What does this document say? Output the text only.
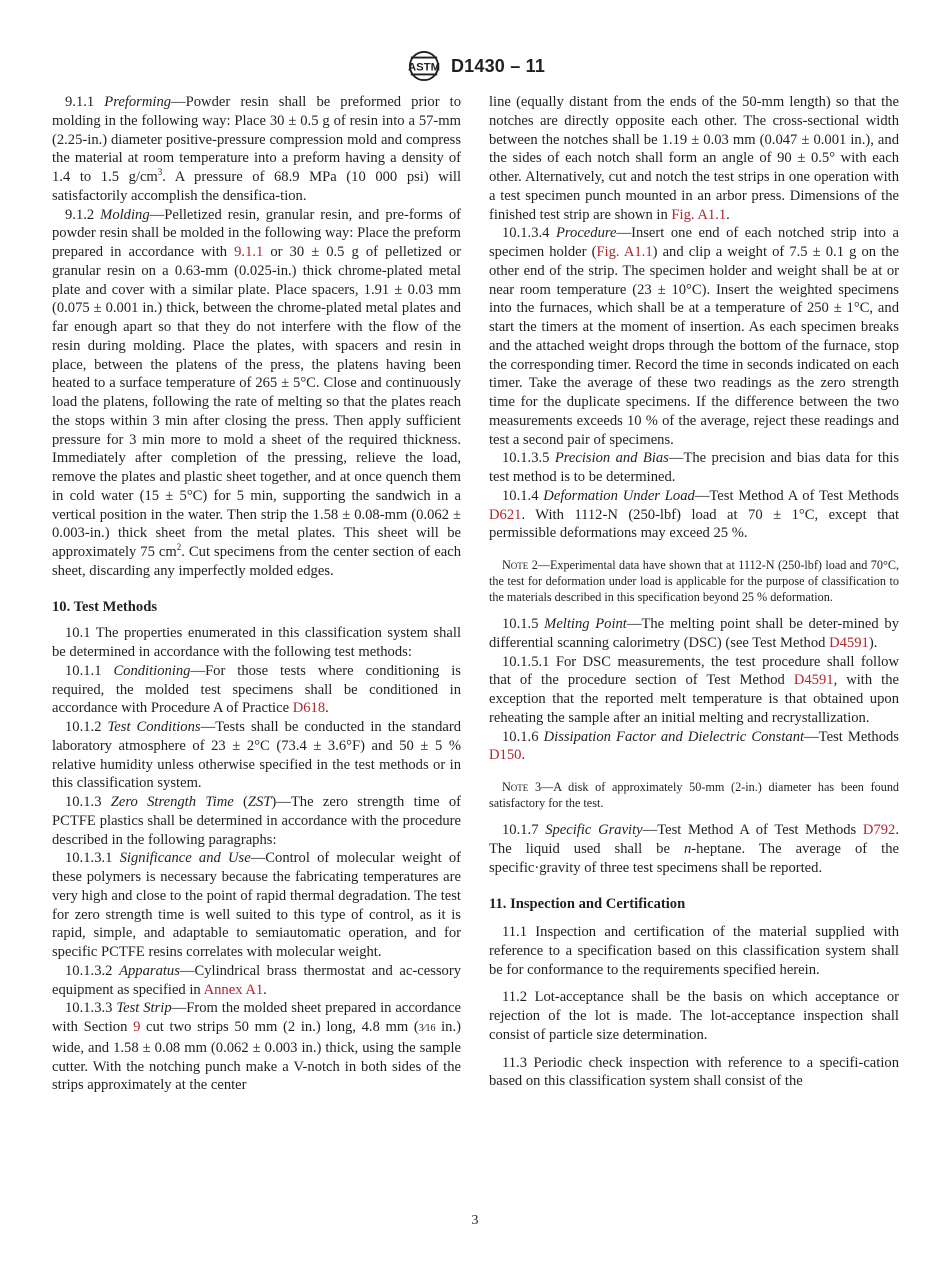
ASTM D1430 – 11

9.1.1 Preforming—Powder resin shall be preformed prior to molding in the following way: Place 30 ± 0.5 g of resin into a 57-mm (2.25-in.) diameter positive-pressure compression mold and compress the material at room temperature into a preform having a density of 1.4 to 1.5 $g/cm^3$. A pressure of 68.9 MPa (10 000 psi) will satisfactorily accomplish the densifica-tion.

9.1.2 Molding—Pelletized resin, granular resin, and pre-forms of powder resin shall be molded in the following way: Place the preform prepared in accordance with 9.1.1 or 30 ± 0.5 g of pelletized or granular resin on a 0.63-mm (0.025-in.) thick chrome-plated metal plate and cover with a similar plate. Place spacers, 1.91 ± 0.03 mm (0.075 ± 0.001 in.) thick, between the chrome-plated metal plates and far enough apart so that they do not interfere with the flow of the resin during molding. Place the plates, with spacers and resin in place, between the platens of the press, the platens having been heated to a surface temperature of 265 ± 5°C. Close and continuously load the platens, following the rate of melting so that the plates reach the stops within 3 min after closing the press. Then apply sufficient pressure for 3 min more to mold a sheet of the required thickness. Immediately after completion of the pressing, relieve the load, remove the plates and plastic sheet together, and at once quench them in cold water (15 ± 5°C) for 5 min, supporting the sandwich in a vertical position in the water. Then strip the 1.58 ± 0.08-mm (0.062 ± 0.003-in.) thick sheet from the metal plates. This sheet will be approximately 75 $cm^2$. Cut specimens from the center section of each sheet, discarding any imperfectly molded edges.

10. Test Methods

10.1 The properties enumerated in this classification system shall be determined in accordance with the following test methods:

10.1.1 Conditioning—For those tests where conditioning is required, the molded test specimens shall be conditioned in accordance with Procedure A of Practice D618.

10.1.2 Test Conditions—Tests shall be conducted in the standard laboratory atmosphere of 23 ± 2°C (73.4 ± 3.6°F) and 50 ± 5 % relative humidity unless otherwise specified in the test methods or in this classification system.

10.1.3 Zero Strength Time (ZST)—The zero strength time of PCTFE plastics shall be determined in accordance with the procedure described in the following paragraphs:

10.1.3.1 Significance and Use—Control of molecular weight of these polymers is necessary because the fabricating temperatures are very high and close to the point of rapid thermal degradation. The test for zero strength time is well suited to this type of control, as it is rapid, simple, and adaptable to semiautomatic operation, and for specific PCTFE resins correlates with molecular weight.

10.1.3.2 Apparatus—Cylindrical brass thermostat and ac-cessory equipment as specified in Annex A1.

10.1.3.3 Test Strip—From the molded sheet prepared in accordance with Section 9 cut two strips 50 mm (2 in.) long, 4.8 mm (3⁄16 in.) wide, and 1.58 ± 0.08 mm (0.062 ± 0.003 in.) thick, using the sample cutter. With the notching punch make a V-notch in both sides of the strips approximately at the center

line (equally distant from the ends of the 50-mm length) so that the notches are directly opposite each other. The cross-sectional width between the notches shall be 1.19 ± 0.03 mm (0.047 ± 0.001 in.), and the sides of each notch shall form an angle of 90 ± 0.5° with each other. Alternatively, cut and notch the test strips in one operation with a test specimen punch mounted in an arbor press. Dimensions of the finished test strip are shown in Fig. A1.1.

10.1.3.4 Procedure—Insert one end of each notched strip into a specimen holder (Fig. A1.1) and clip a weight of 7.5 ± 0.1 g on the other end of the strip. The specimen holder and weight shall be at or near room temperature (23 ± 10°C). Insert the weighted specimens into the furnaces, which shall be at a temperature of 250 ± 1°C, and start the timers at the moment of insertion. As each specimen breaks and the attached weight drops through the bottom of the furnace, stop the corresponding timer. Record the time in seconds indicated on each timer. Take the average of these two readings as the zero strength time for the duplicate specimens. If the difference between the two measurements exceeds 10 % of the average, reject these readings and test a second pair of specimens.

10.1.3.5 Precision and Bias—The precision and bias data for this test method is to be determined.

10.1.4 Deformation Under Load—Test Method A of Test Methods D621. With 1112-N (250-lbf) load at 70 ± 1°C, except that permissible deformations may exceed 25 %.

Note 2—Experimental data have shown that at 1112-N (250-lbf) load and 70°C, the test for deformation under load is applicable for the purpose of classification to the materials described in this specification beyond 25 % deformation.

10.1.5 Melting Point—The melting point shall be deter-mined by differential scanning calorimetry (DSC) (see Test Method D4591).

10.1.5.1 For DSC measurements, the test procedure shall follow that of the procedure section of Test Method D4591, with the exception that the reported melt temperature is that obtained upon reheating the sample after an initial melting and recrystallization.

10.1.6 Dissipation Factor and Dielectric Constant—Test Methods D150.

Note 3—A disk of approximately 50-mm (2-in.) diameter has been found satisfactory for the test.

10.1.7 Specific Gravity—Test Method A of Test Methods D792. The liquid used shall be n-heptane. The average of the specific·gravity of three test specimens shall be reported.

11. Inspection and Certification

11.1 Inspection and certification of the material supplied with reference to a specification based on this classification system shall be for conformance to the requirements specified herein.

11.2 Lot-acceptance shall be the basis on which acceptance or rejection of the lot is made. The lot-acceptance inspection shall consist of particle size determination.

11.3 Periodic check inspection with reference to a specifi-cation based on this classification system shall consist of the

3
